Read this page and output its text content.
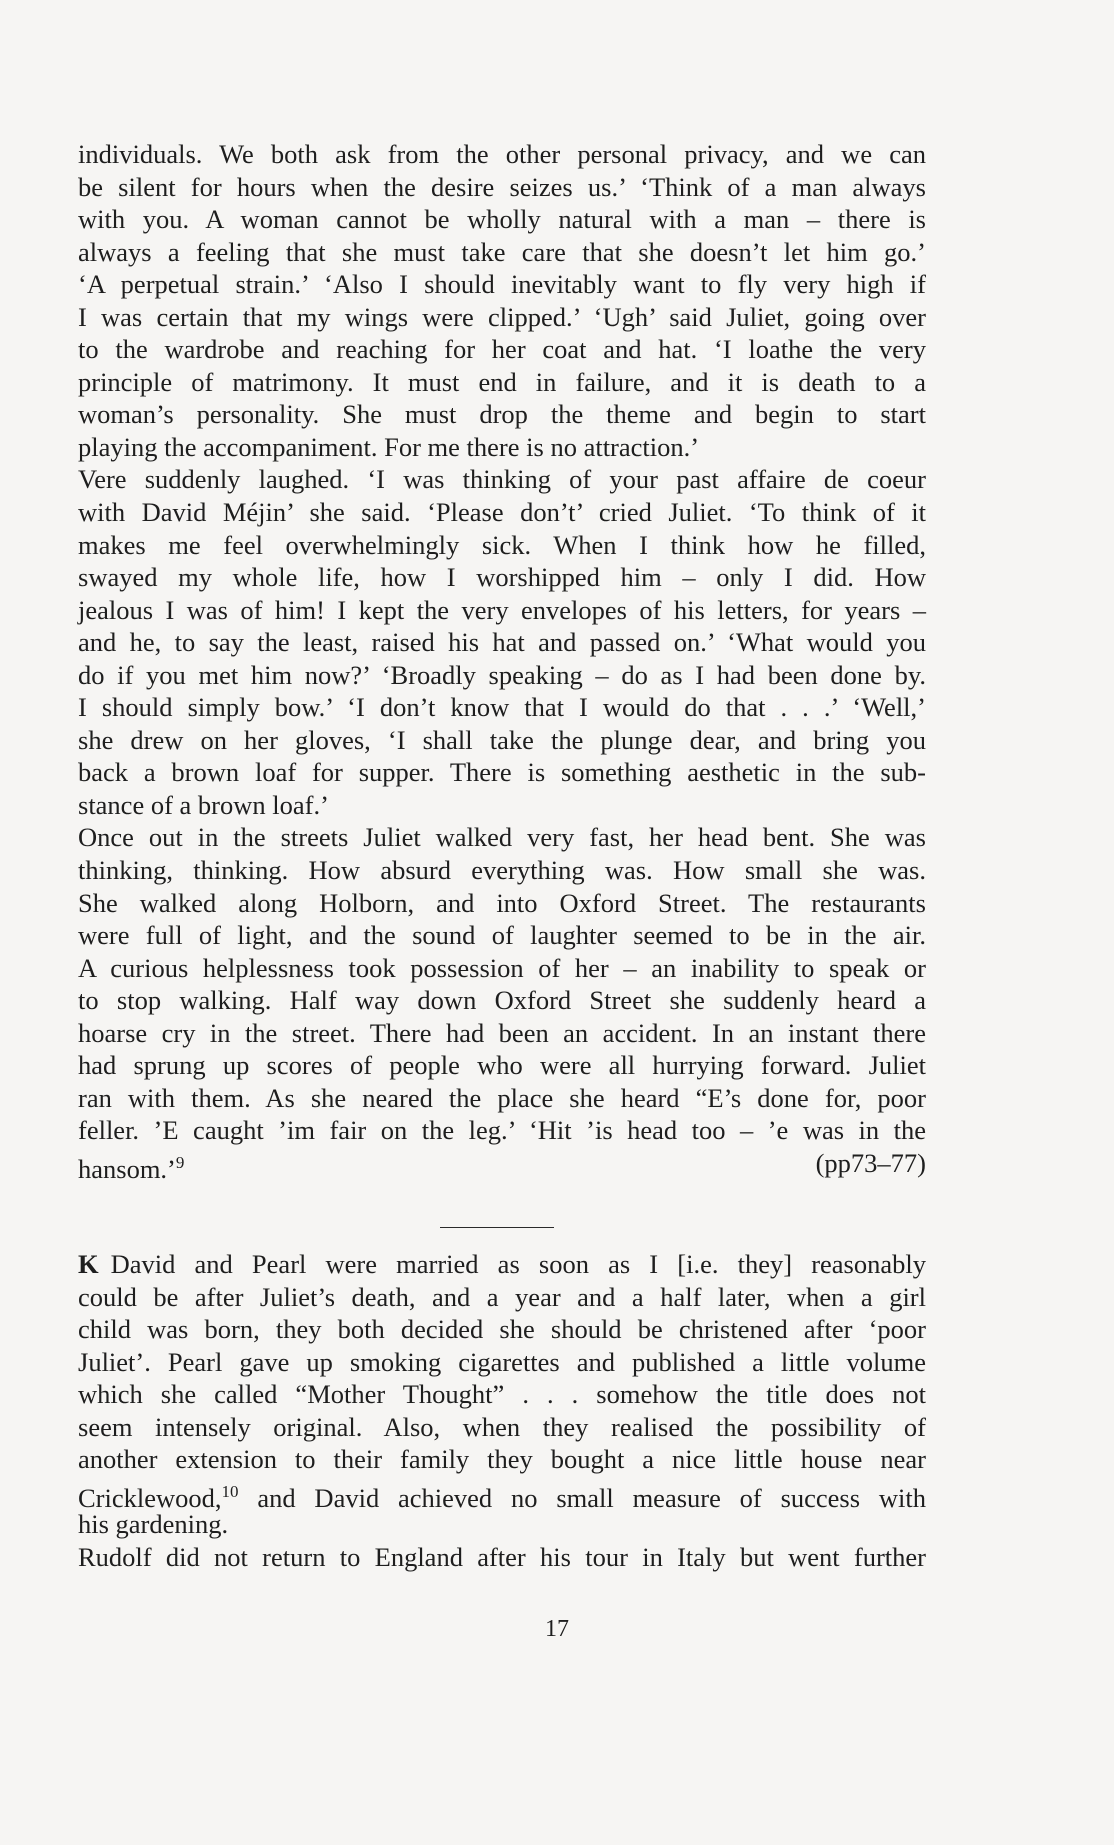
individuals. We both ask from the other personal privacy, and we can
be silent for hours when the desire seizes us.’ ‘Think of a man always
with you. A woman cannot be wholly natural with a man – there is
always a feeling that she must take care that she doesn’t let him go.’
‘A perpetual strain.’ ‘Also I should inevitably want to fly very high if
I was certain that my wings were clipped.’ ‘Ugh’ said Juliet, going over
to the wardrobe and reaching for her coat and hat. ‘I loathe the very
principle of matrimony. It must end in failure, and it is death to a
woman’s personality. She must drop the theme and begin to start
playing the accompaniment. For me there is no attraction.’
Vere suddenly laughed. ‘I was thinking of your past affaire de coeur
with David Méjin’ she said. ‘Please don’t’ cried Juliet. ‘To think of it
makes me feel overwhelmingly sick. When I think how he filled,
swayed my whole life, how I worshipped him – only I did. How
jealous I was of him! I kept the very envelopes of his letters, for years –
and he, to say the least, raised his hat and passed on.’ ‘What would you
do if you met him now?’ ‘Broadly speaking – do as I had been done by.
I should simply bow.’ ‘I don’t know that I would do that . . .’ ‘Well,’
she drew on her gloves, ‘I shall take the plunge dear, and bring you
back a brown loaf for supper. There is something aesthetic in the sub-
stance of a brown loaf.’
Once out in the streets Juliet walked very fast, her head bent. She was
thinking, thinking. How absurd everything was. How small she was.
She walked along Holborn, and into Oxford Street. The restaurants
were full of light, and the sound of laughter seemed to be in the air.
A curious helplessness took possession of her – an inability to speak or
to stop walking. Half way down Oxford Street she suddenly heard a
hoarse cry in the street. There had been an accident. In an instant there
had sprung up scores of people who were all hurrying forward. Juliet
ran with them. As she neared the place she heard “E’s done for, poor
feller. ’E caught ’im fair on the leg.’ ‘Hit ’is head too – ’e was in the
hansom.’$^9$	(pp73–77)
K David and Pearl were married as soon as I [i.e. they] reasonably
could be after Juliet’s death, and a year and a half later, when a girl
child was born, they both decided she should be christened after ‘poor
Juliet’. Pearl gave up smoking cigarettes and published a little volume
which she called “Mother Thought” . . . somehow the title does not
seem intensely original. Also, when they realised the possibility of
another extension to their family they bought a nice little house near
Cricklewood,$^{10}$ and David achieved no small measure of success with
his gardening.
Rudolf did not return to England after his tour in Italy but went further
17
